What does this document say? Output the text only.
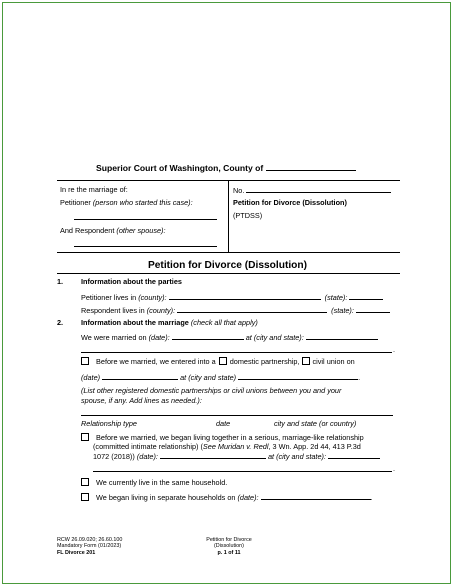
Superior Court of Washington, County of
In re the marriage of:
Petitioner (person who started this case):
And Respondent (other spouse):
No.
Petition for Divorce (Dissolution)
(PTDSS)
Petition for Divorce (Dissolution)
1. Information about the parties
Petitioner lives in (county):	(state):
Respondent lives in (county):	(state):
2. Information about the marriage (check all that apply)
We were married on (date):	at (city and state):
.
Before we married, we entered into a domestic partnership, civil union on
(date)	at (city and state)	.
(List other registered domestic partnerships or civil unions between you and your
spouse, if any. Add lines as needed.):
Relationship type	date	city and state (or country)
Before we married, we began living together in a serious, marriage-like relationship
(committed intimate relationship) (See Muridan v. Redl, 3 Wn. App. 2d 44, 413 P.3d
1072 (2018)) (date):	at (city and state):
.
We currently live in the same household.
We began living in separate households on (date):	.
RCW 26.09.020; 26.60.100
Mandatory Form (01/2023)
FL Divorce 201
Petition for Divorce
(Dissolution)
p. 1 of 11
